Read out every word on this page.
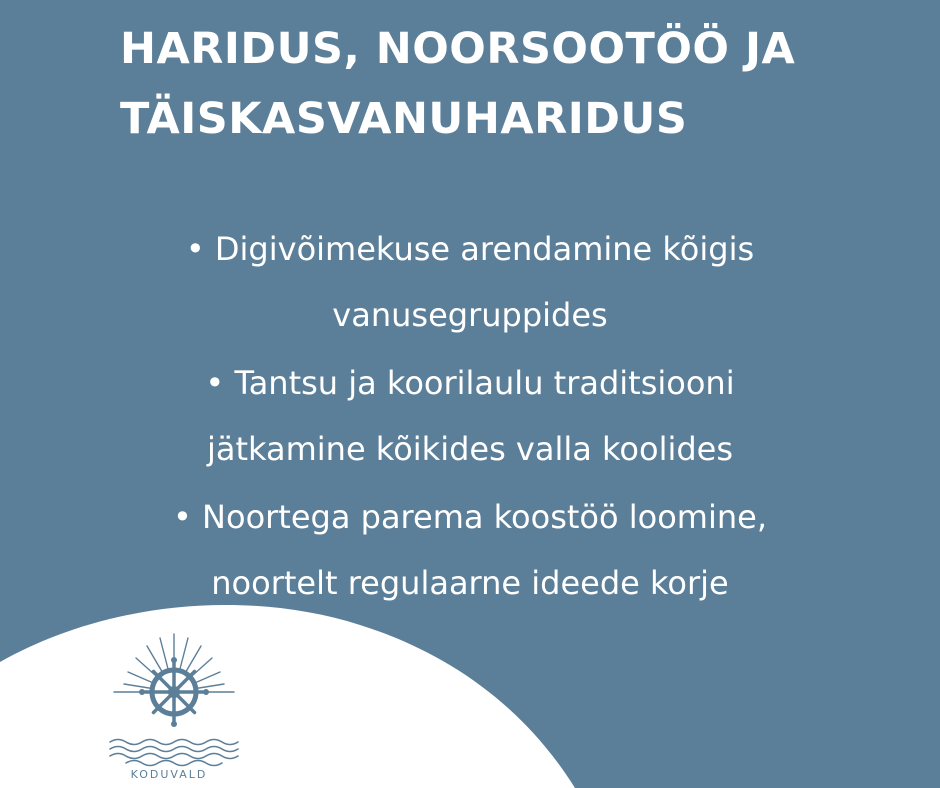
HARIDUS, NOORSOOTÖÖ JA
TÄISKASVANUHARIDUS

• Digivõimekuse arendamine kõigis
vanusegruppides

• Tantsu ja koorilaulu traditsiooni
jätkamine kõikides valla koolides

• Noortega parema koostöö loomine,
noortelt regulaarne ideede korje

KODUVALD
